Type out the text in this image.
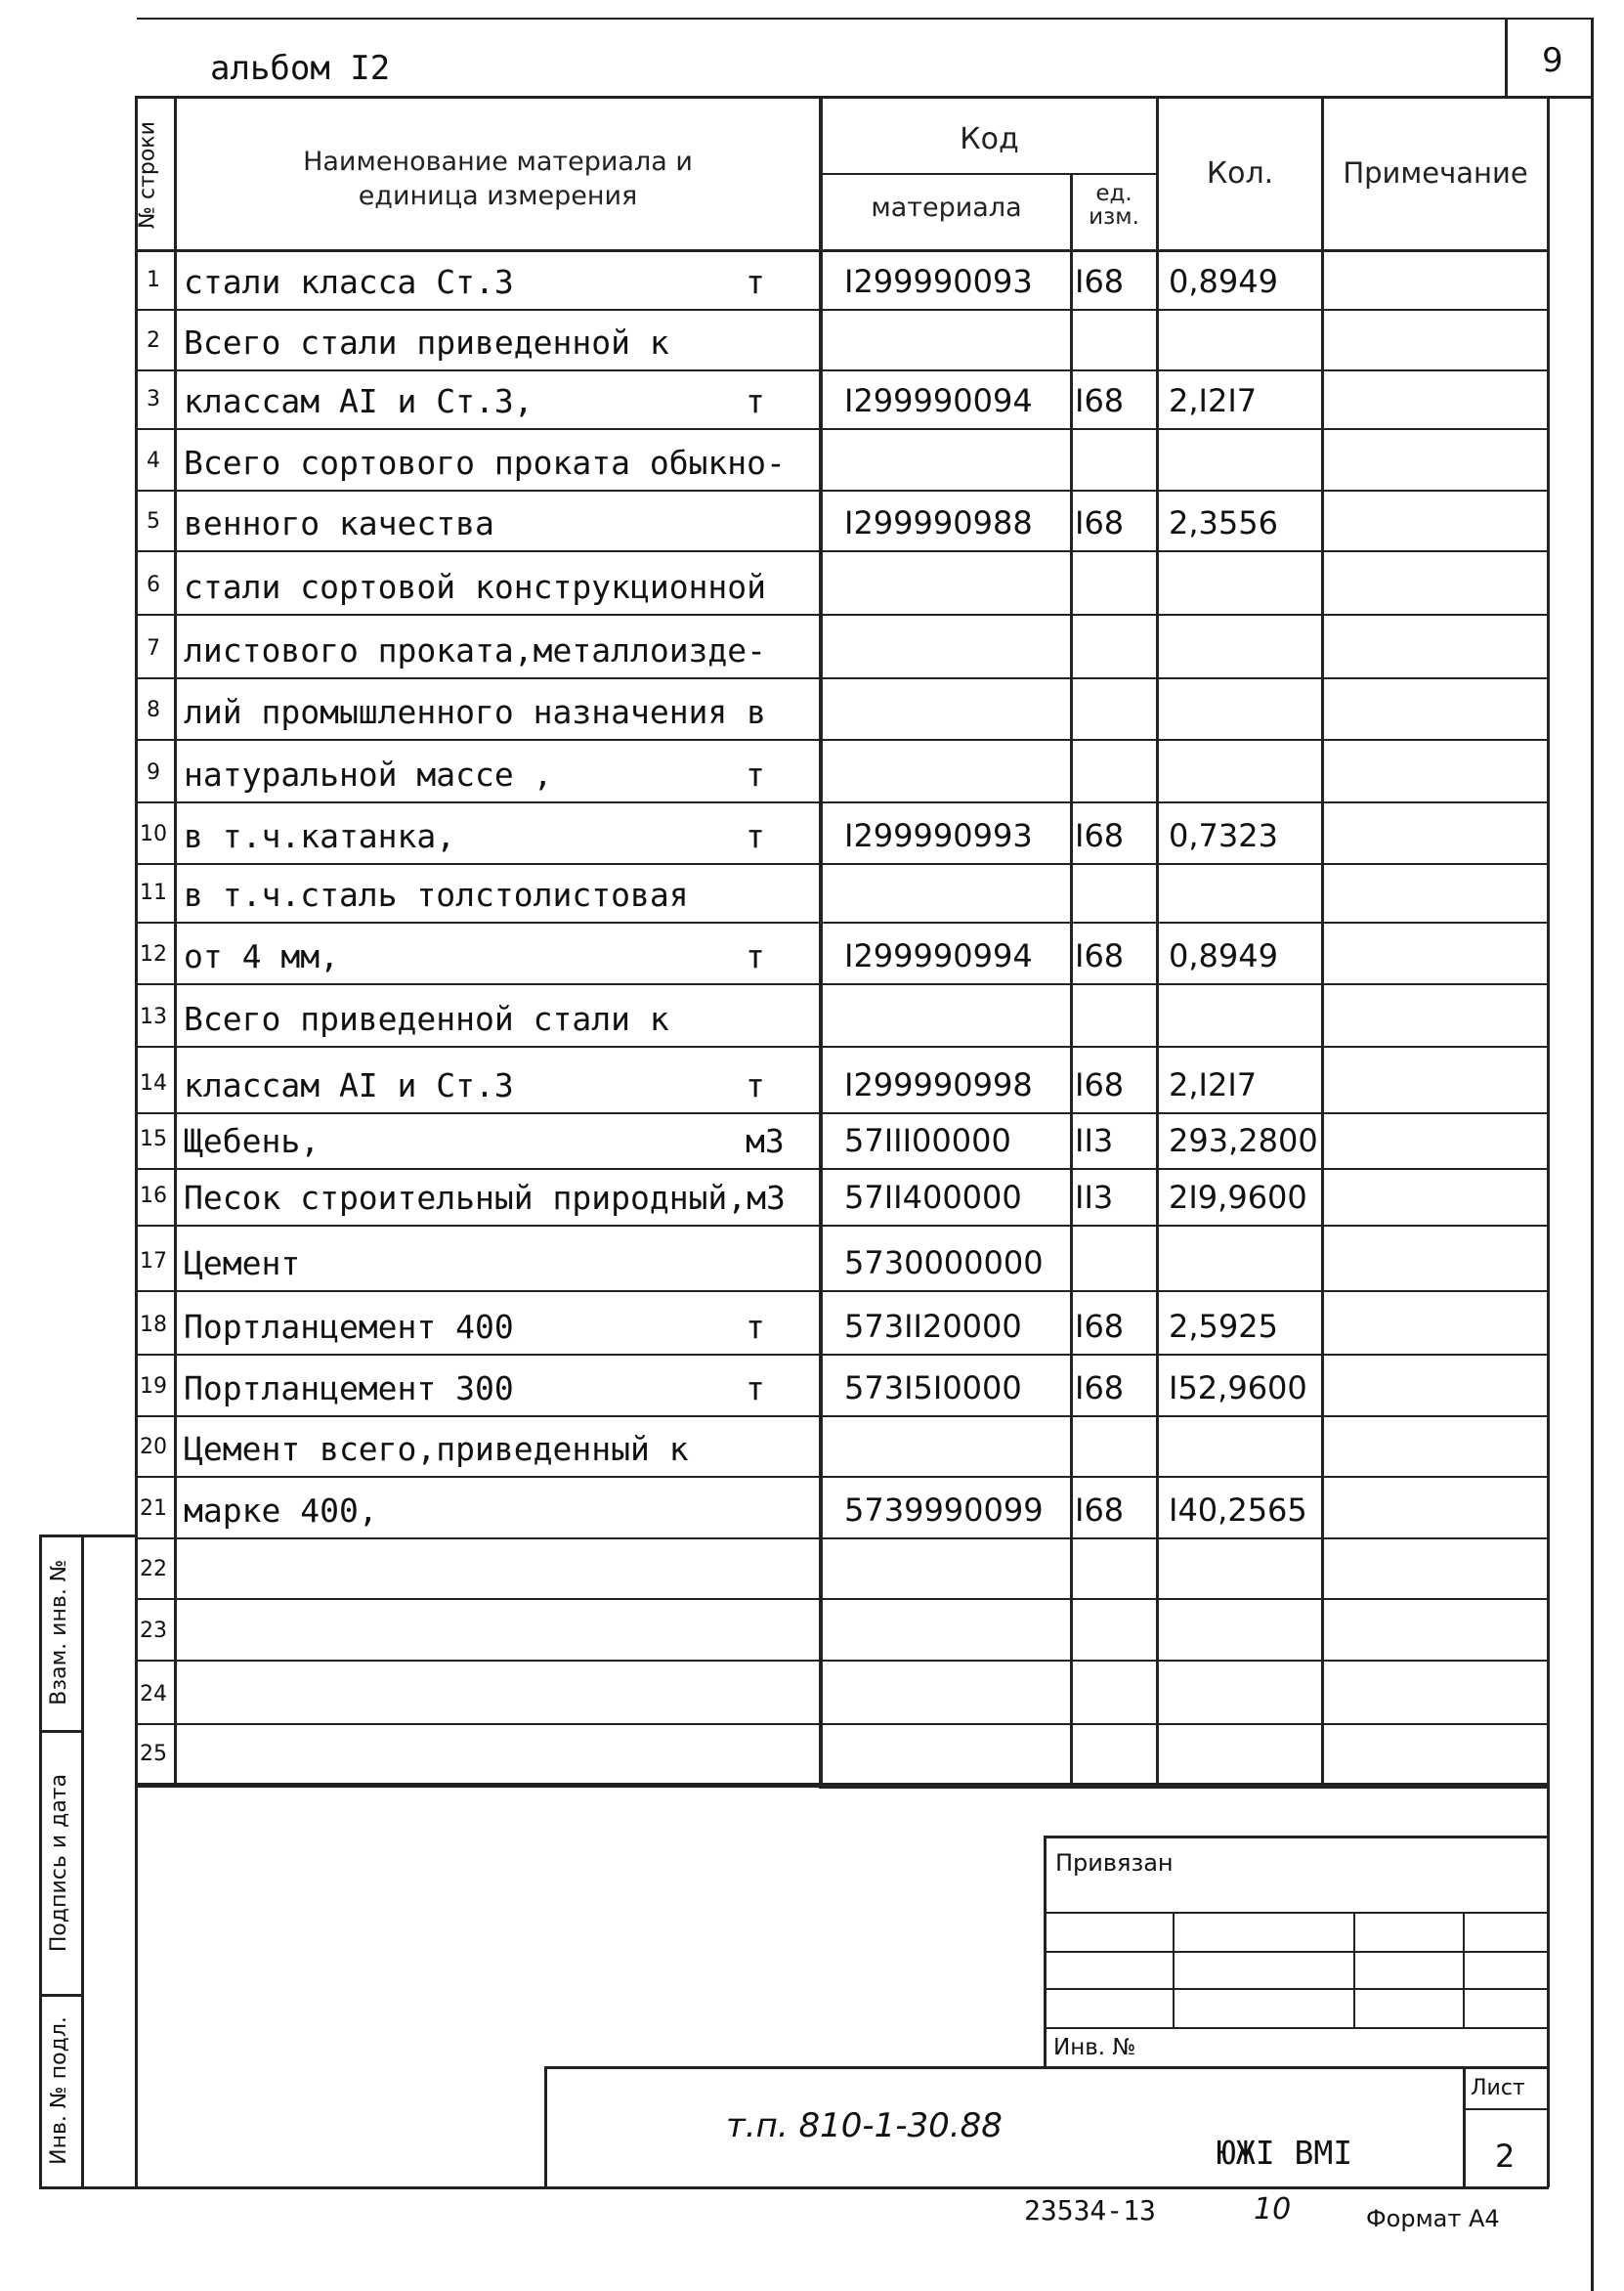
альбом I2	9
№ строки	Наименование материала и
единица измерения
Код
материала	ед. изм.
Кол.	Примечание
1 стали класса Ст.3	т	I299990093 I68 0,8949
2 Всего стали приведенной к
3 классам AI и Ст.3,	т	I299990094 I68 2,I2I7
4 Всего сортового проката обыкно-
5 венного качества	I299990988 I68 2,3556
6 стали сортовой конструкционной
7 листового проката,металлоизде-
8 лий промышленного назначения в
9 натуральной массе ,	т
10 в т.ч.катанка,	т	I299990993 I68 0,7323
11 в т.ч.сталь толстолистовая
12 от 4 мм,	т	I299990994 I68 0,8949
13 Всего приведенной стали к
14 классам AI и Ст.3	т	I299990998 I68 2,I2I7
15 Щебень,	м3 57III00000 II3 293,2800
16 Песок строительный природный,м3 57II400000 II3 2I9,9600
17 Цемент	5730000000
18 Портланцемент 400	т	573II20000 I68 2,5925
19 Портланцемент 300	т	573I5I0000 I68 I52,9600
20 Цемент всего,приведенный к
21 марке 400,	5739990099 I68 I40,2565
22
23
24
25
Взам. инв. №
Подпись и дата
Инв. № подл.
Привязан
Инв. №
т.п. 810-1-30.88
ЮЖI ВМI
Лист
2
23534-13	10	Формат А4
